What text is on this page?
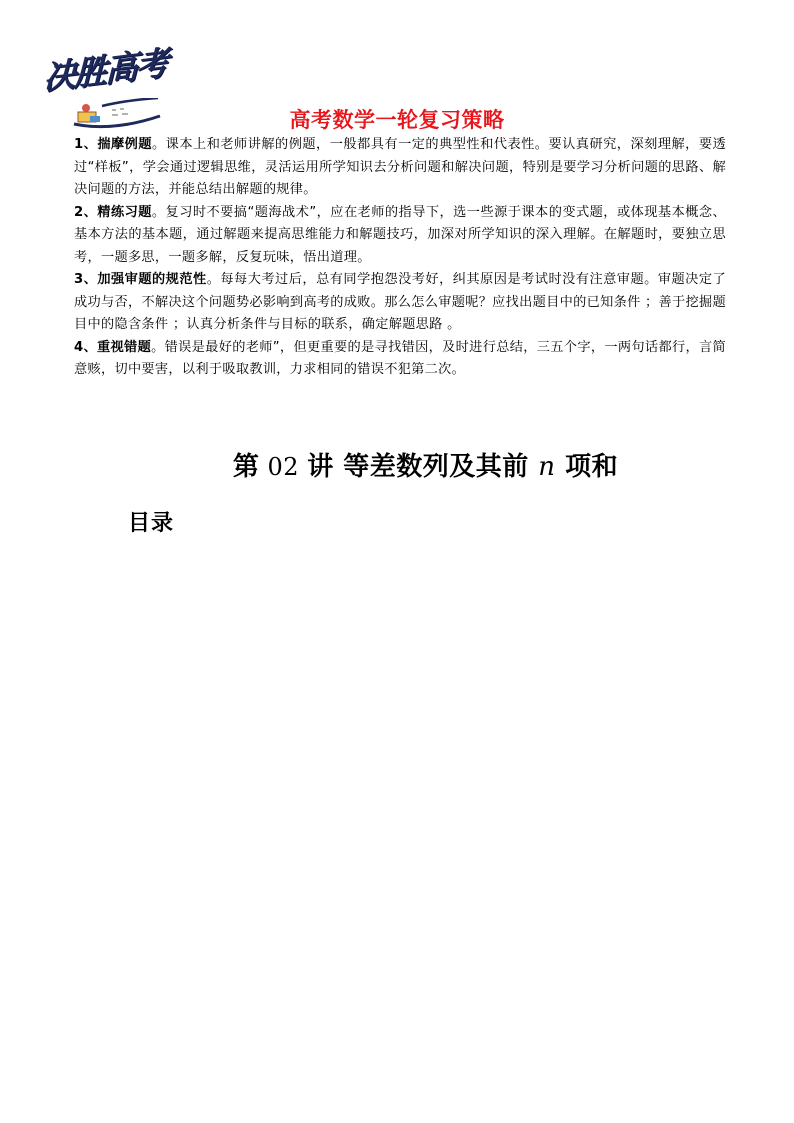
决胜高考
高考数学一轮复习策略

1、揣摩例题。课本上和老师讲解的例题，一般都具有一定的典型性和代表性。要认真研究，深刻理解，要透过“样板”，学会通过逻辑思维，灵活运用所学知识去分析问题和解决问题，特别是要学习分析问题的思路、解决问题的方法，并能总结出解题的规律。

2、精练习题。复习时不要搞“题海战术”，应在老师的指导下，选一些源于课本的变式题，或体现基本概念、基本方法的基本题，通过解题来提高思维能力和解题技巧，加深对所学知识的深入理解。在解题时，要独立思考，一题多思，一题多解，反复玩味，悟出道理。

3、加强审题的规范性。每每大考过后，总有同学抱怨没考好，纠其原因是考试时没有注意审题。审题决定了成功与否，不解决这个问题势必影响到高考的成败。那么怎么审题呢？应找出题目中的已知条件 ；善于挖掘题目中的隐含条件 ；认真分析条件与目标的联系，确定解题思路 。

4、重视错题。错误是最好的老师”，但更重要的是寻找错因，及时进行总结，三五个字，一两句话都行，言简意赅，切中要害，以利于吸取教训，力求相同的错误不犯第二次。

第 02 讲 等差数列及其前 n 项和
目录
